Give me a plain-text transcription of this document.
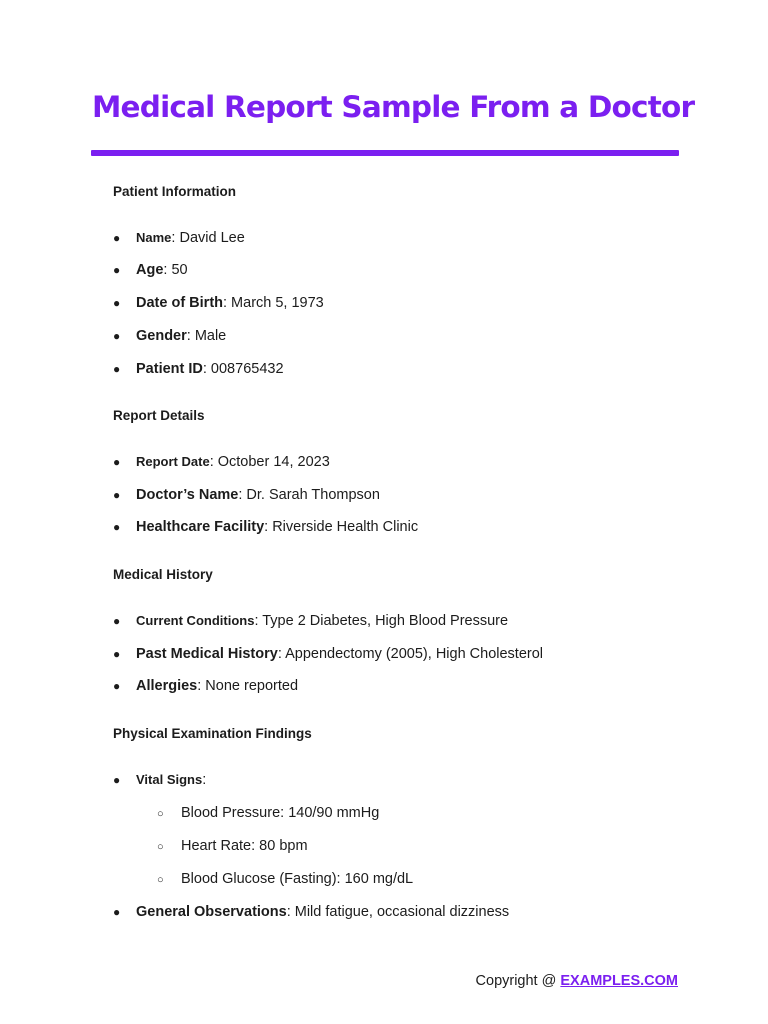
Medical Report Sample From a Doctor
Patient Information
● Name: David Lee
● Age: 50
● Date of Birth: March 5, 1973
● Gender: Male
● Patient ID: 008765432
Report Details
● Report Date: October 14, 2023
● Doctor’s Name: Dr. Sarah Thompson
● Healthcare Facility: Riverside Health Clinic
Medical History
● Current Conditions: Type 2 Diabetes, High Blood Pressure
● Past Medical History: Appendectomy (2005), High Cholesterol
● Allergies: None reported
Physical Examination Findings
● Vital Signs:
○ Blood Pressure: 140/90 mmHg
○ Heart Rate: 80 bpm
○ Blood Glucose (Fasting): 160 mg/dL
● General Observations: Mild fatigue, occasional dizziness
Copyright @ EXAMPLES.COM
